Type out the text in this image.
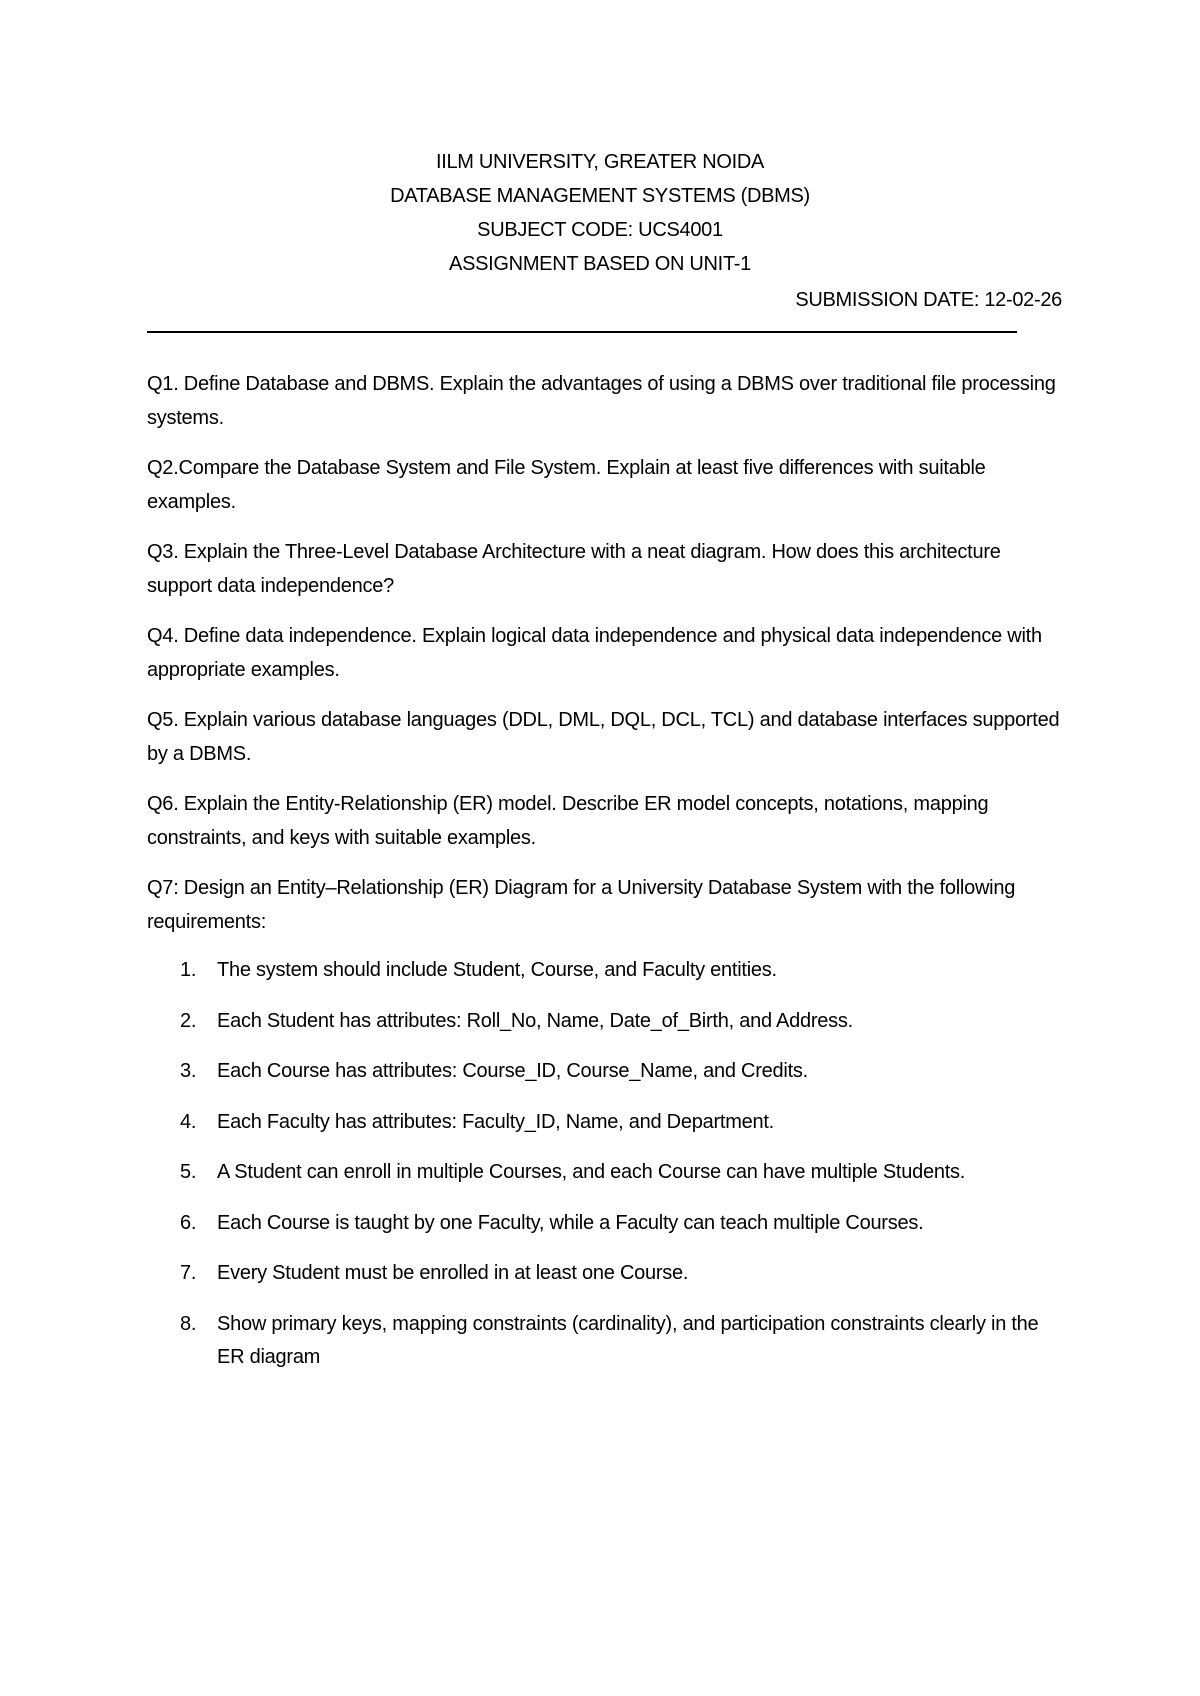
IILM UNIVERSITY, GREATER NOIDA
DATABASE MANAGEMENT SYSTEMS (DBMS)
SUBJECT CODE: UCS4001
ASSIGNMENT BASED ON UNIT-1
SUBMISSION DATE: 12-02-26

Q1. Define Database and DBMS. Explain the advantages of using a DBMS over traditional file processing systems.

Q2.Compare the Database System and File System. Explain at least five differences with suitable examples.

Q3. Explain the Three-Level Database Architecture with a neat diagram. How does this architecture support data independence?

Q4. Define data independence. Explain logical data independence and physical data independence with appropriate examples.

Q5. Explain various database languages (DDL, DML, DQL, DCL, TCL) and database interfaces supported by a DBMS.

Q6. Explain the Entity-Relationship (ER) model. Describe ER model concepts, notations, mapping constraints, and keys with suitable examples.

Q7: Design an Entity–Relationship (ER) Diagram for a University Database System with the following requirements:

1. The system should include Student, Course, and Faculty entities.
2. Each Student has attributes: Roll_No, Name, Date_of_Birth, and Address.
3. Each Course has attributes: Course_ID, Course_Name, and Credits.
4. Each Faculty has attributes: Faculty_ID, Name, and Department.
5. A Student can enroll in multiple Courses, and each Course can have multiple Students.
6. Each Course is taught by one Faculty, while a Faculty can teach multiple Courses.
7. Every Student must be enrolled in at least one Course.
8. Show primary keys, mapping constraints (cardinality), and participation constraints clearly in the ER diagram
